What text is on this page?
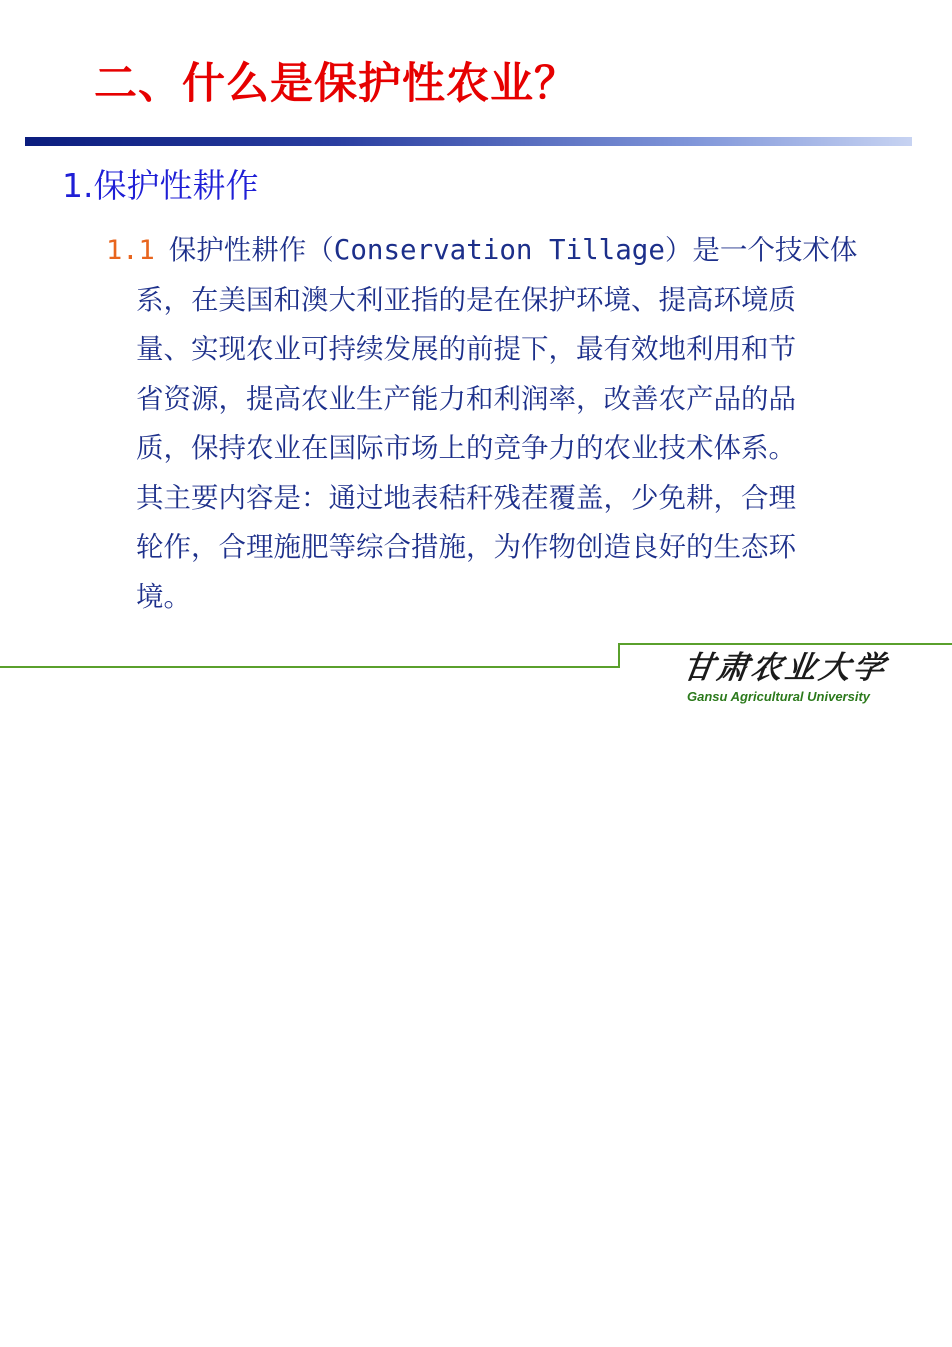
二、什么是保护性农业？
1.保护性耕作
1.1 保护性耕作（Conservation Tillage）是一个技术体
系，在美国和澳大利亚指的是在保护环境、提高环境质
量、实现农业可持续发展的前提下，最有效地利用和节
省资源，提高农业生产能力和利润率，改善农产品的品
质，保持农业在国际市场上的竞争力的农业技术体系。
其主要内容是：通过地表秸秆残茬覆盖，少免耕，合理
轮作，合理施肥等综合措施，为作物创造良好的生态环
境。
甘肃农业大学
Gansu Agricultural University
